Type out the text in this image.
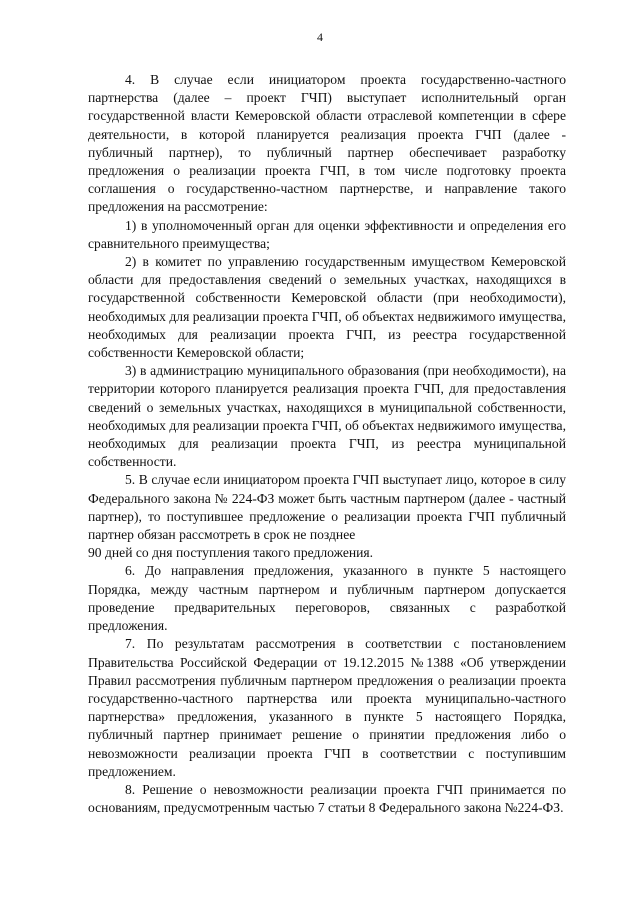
4

4. В случае если инициатором проекта государственно-частного партнерства (далее – проект ГЧП) выступает исполнительный орган государственной власти Кемеровской области отраслевой компетенции в сфере деятельности, в которой планируется реализация проекта ГЧП (далее - публичный партнер), то публичный партнер обеспечивает разработку предложения о реализации проекта ГЧП, в том числе подготовку проекта соглашения о государственно-частном партнерстве, и направление такого предложения на рассмотрение:

1) в уполномоченный орган для оценки эффективности и определения его сравнительного преимущества;

2) в комитет по управлению государственным имуществом Кемеровской области для предоставления сведений о земельных участках, находящихся в государственной собственности Кемеровской области (при необходимости), необходимых для реализации проекта ГЧП, об объектах недвижимого имущества, необходимых для реализации проекта ГЧП, из реестра государственной собственности Кемеровской области;

3) в администрацию муниципального образования (при необходимости), на территории которого планируется реализация проекта ГЧП, для предоставления сведений о земельных участках, находящихся в муниципальной собственности, необходимых для реализации проекта ГЧП, об объектах недвижимого имущества, необходимых для реализации проекта ГЧП, из реестра муниципальной собственности.

5. В случае если инициатором проекта ГЧП выступает лицо, которое в силу Федерального закона № 224-ФЗ может быть частным партнером (далее - частный партнер), то поступившее предложение о реализации проекта ГЧП публичный партнер обязан рассмотреть в срок не позднее

90 дней со дня поступления такого предложения.

6. До направления предложения, указанного в пункте 5 настоящего Порядка, между частным партнером и публичным партнером допускается проведение предварительных переговоров, связанных с разработкой предложения.

7. По результатам рассмотрения в соответствии с постановлением Правительства Российской Федерации от 19.12.2015 №1388 «Об утверждении Правил рассмотрения публичным партнером предложения о реализации проекта государственно-частного партнерства или проекта муниципально-частного партнерства» предложения, указанного в пункте 5 настоящего Порядка, публичный партнер принимает решение о принятии предложения либо о невозможности реализации проекта ГЧП в соответствии с поступившим предложением.

8. Решение о невозможности реализации проекта ГЧП принимается по основаниям, предусмотренным частью 7 статьи 8 Федерального закона №224-ФЗ.
